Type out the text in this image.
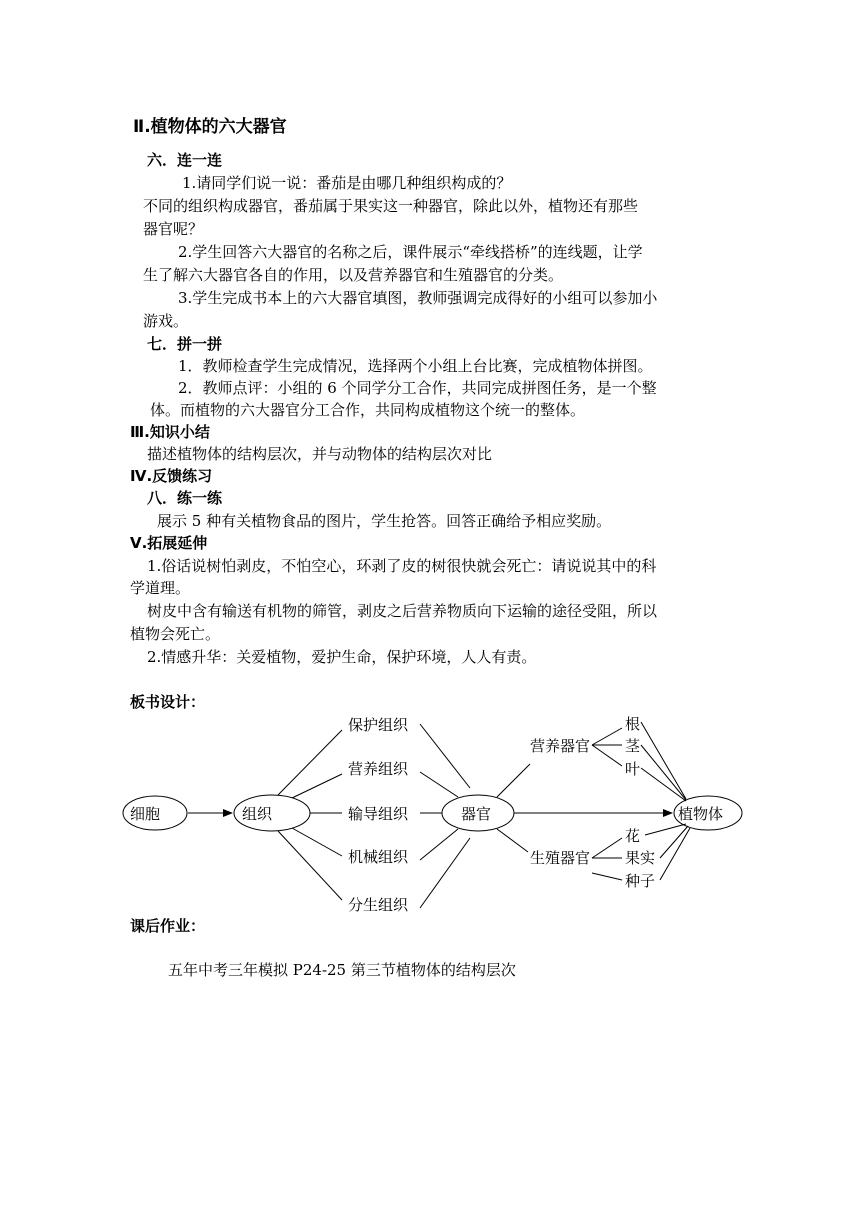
Ⅱ.植物体的六大器官
六．连一连
1.请同学们说一说：番茄是由哪几种组织构成的？
不同的组织构成器官，番茄属于果实这一种器官，除此以外，植物还有那些
器官呢？
2.学生回答六大器官的名称之后，课件展示“牵线搭桥”的连线题，让学
生了解六大器官各自的作用，以及营养器官和生殖器官的分类。
3.学生完成书本上的六大器官填图，教师强调完成得好的小组可以参加小
游戏。
七．拼一拼
1．教师检查学生完成情况，选择两个小组上台比赛，完成植物体拼图。
2．教师点评：小组的 6 个同学分工合作，共同完成拼图任务，是一个整
体。而植物的六大器官分工合作，共同构成植物这个统一的整体。
Ⅲ.知识小结
描述植物体的结构层次，并与动物体的结构层次对比
Ⅳ.反馈练习
八．练一练
展示 5 种有关植物食品的图片，学生抢答。回答正确给予相应奖励。
Ⅴ.拓展延伸
1.俗话说树怕剥皮，不怕空心，环剥了皮的树很快就会死亡：请说说其中的科
学道理。
树皮中含有输送有机物的筛管，剥皮之后营养物质向下运输的途径受阻，所以
植物会死亡。
2.情感升华：关爱植物，爱护生命，保护环境，人人有责。
板书设计：
细胞	组织
保护组织
营养组织
输导组织
机械组织
分生组织
器官
营养器官
生殖器官
根
茎
叶
花
果实
种子
植物体
课后作业：
五年中考三年模拟 P24-25 第三节植物体的结构层次
